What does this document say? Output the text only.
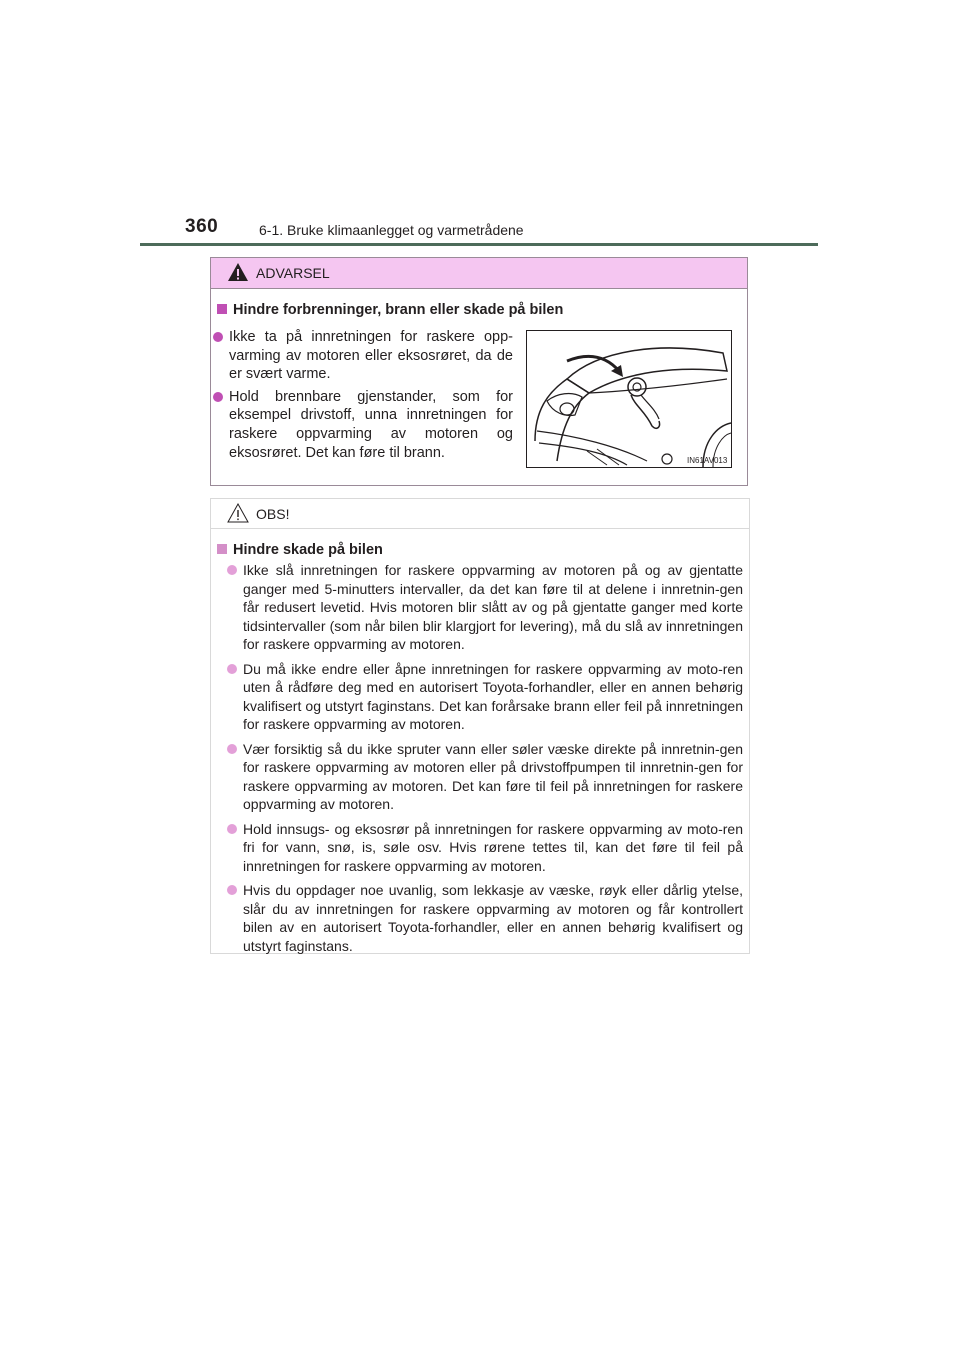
360	6-1. Bruke klimaanlegget og varmetrådene
ADVARSEL
Hindre forbrenninger, brann eller skade på bilen
Ikke ta på innretningen for raskere opp-varming av motoren eller eksosrøret, da de er svært varme.
Hold brennbare gjenstander, som for eksempel drivstoff, unna innretningen for raskere oppvarming av motoren og eksosrøret. Det kan føre til brann.	IN61AV013
OBS!
Hindre skade på bilen
Ikke slå innretningen for raskere oppvarming av motoren på og av gjentatte ganger med 5-minutters intervaller, da det kan føre til at delene i innretnin-gen får redusert levetid. Hvis motoren blir slått av og på gjentatte ganger med korte tidsintervaller (som når bilen blir klargjort for levering), må du slå av innretningen for raskere oppvarming av motoren.
Du må ikke endre eller åpne innretningen for raskere oppvarming av moto-ren uten å rådføre deg med en autorisert Toyota-forhandler, eller en annen behørig kvalifisert og utstyrt faginstans. Det kan forårsake brann eller feil på innretningen for raskere oppvarming av motoren.
Vær forsiktig så du ikke spruter vann eller søler væske direkte på innretnin-gen for raskere oppvarming av motoren eller på drivstoffpumpen til innretnin-gen for raskere oppvarming av motoren. Det kan føre til feil på innretningen for raskere oppvarming av motoren.
Hold innsugs- og eksosrør på innretningen for raskere oppvarming av moto-ren fri for vann, snø, is, søle osv. Hvis rørene tettes til, kan det føre til feil på innretningen for raskere oppvarming av motoren.
Hvis du oppdager noe uvanlig, som lekkasje av væske, røyk eller dårlig ytelse, slår du av innretningen for raskere oppvarming av motoren og får kontrollert bilen av en autorisert Toyota-forhandler, eller en annen behørig kvalifisert og utstyrt faginstans.
